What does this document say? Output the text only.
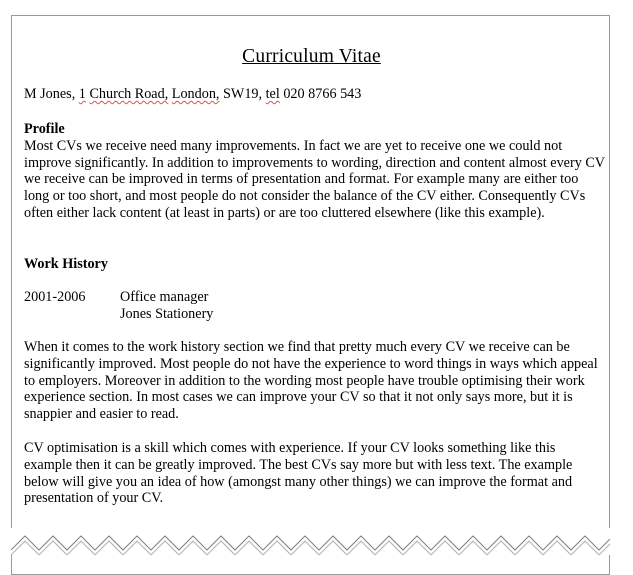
Curriculum Vitae
M Jones, 1 Church Road, London, SW19, tel 020 8766 543
Profile
Most CVs we receive need many improvements. In fact we are yet to receive one we could not improve significantly. In addition to improvements to wording, direction and content almost every CV we receive can be improved in terms of presentation and format. For example many are either too long or too short, and most people do not consider the balance of the CV either. Consequently CVs often either lack content (at least in parts) or are too cluttered elsewhere (like this example).
Work History
2001-2006 Office manager
Jones Stationery
When it comes to the work history section we find that pretty much every CV we receive can be significantly improved. Most people do not have the experience to word things in ways which appeal to employers. Moreover in addition to the wording most people have trouble optimising their work experience section. In most cases we can improve your CV so that it not only says more, but it is snappier and easier to read.
CV optimisation is a skill which comes with experience. If your CV looks something like this example then it can be greatly improved. The best CVs say more but with less text. The example below will give you an idea of how (amongst many other things) we can improve the format and presentation of your CV.
